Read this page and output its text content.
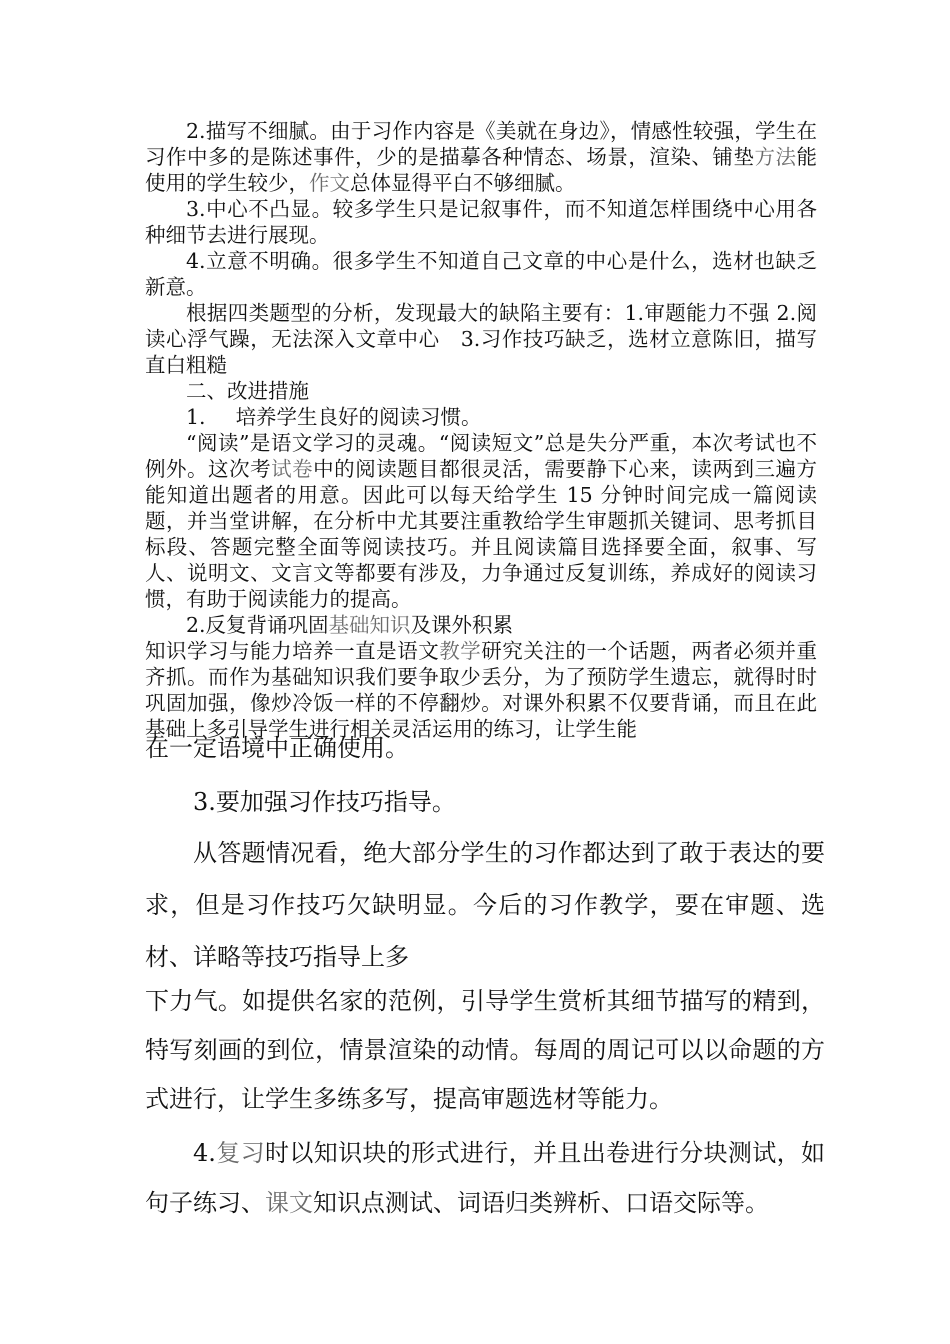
2.描写不细腻。由于习作内容是《美就在身边》，情感性较强，学生在习作中多的是陈述事件，少的是描摹各种情态、场景，渲染、铺垫方法能使用的学生较少，作文总体显得平白不够细腻。

3.中心不凸显。较多学生只是记叙事件，而不知道怎样围绕中心用各种细节去进行展现。

4.立意不明确。很多学生不知道自己文章的中心是什么，选材也缺乏新意。

根据四类题型的分析，发现最大的缺陷主要有：1.审题能力不强 2.阅读心浮气躁，无法深入文章中心　3.习作技巧缺乏，选材立意陈旧，描写直白粗糙

二、改进措施

1. 培养学生良好的阅读习惯。

“阅读”是语文学习的灵魂。“阅读短文”总是失分严重，本次考试也不例外。这次考试卷中的阅读题目都很灵活，需要静下心来，读两到三遍方能知道出题者的用意。因此可以每天给学生 15 分钟时间完成一篇阅读题，并当堂讲解，在分析中尤其要注重教给学生审题抓关键词、思考抓目标段、答题完整全面等阅读技巧。并且阅读篇目选择要全面，叙事、写人、说明文、文言文等都要有涉及，力争通过反复训练，养成好的阅读习惯，有助于阅读能力的提高。

2.反复背诵巩固基础知识及课外积累

知识学习与能力培养一直是语文教学研究关注的一个话题，两者必须并重齐抓。而作为基础知识我们要争取少丢分，为了预防学生遗忘，就得时时巩固加强，像炒冷饭一样的不停翻炒。对课外积累不仅要背诵，而且在此基础上多引导学生进行相关灵活运用的练习，让学生能

在一定语境中正确使用。

3.要加强习作技巧指导。

从答题情况看，绝大部分学生的习作都达到了敢于表达的要求，但是习作技巧欠缺明显。今后的习作教学，要在审题、选材、详略等技巧指导上多

下力气。如提供名家的范例，引导学生赏析其细节描写的精到，特写刻画的到位，情景渲染的动情。每周的周记可以以命题的方式进行，让学生多练多写，提高审题选材等能力。

4.复习时以知识块的形式进行，并且出卷进行分块测试，如句子练习、课文知识点测试、词语归类辨析、口语交际等。
